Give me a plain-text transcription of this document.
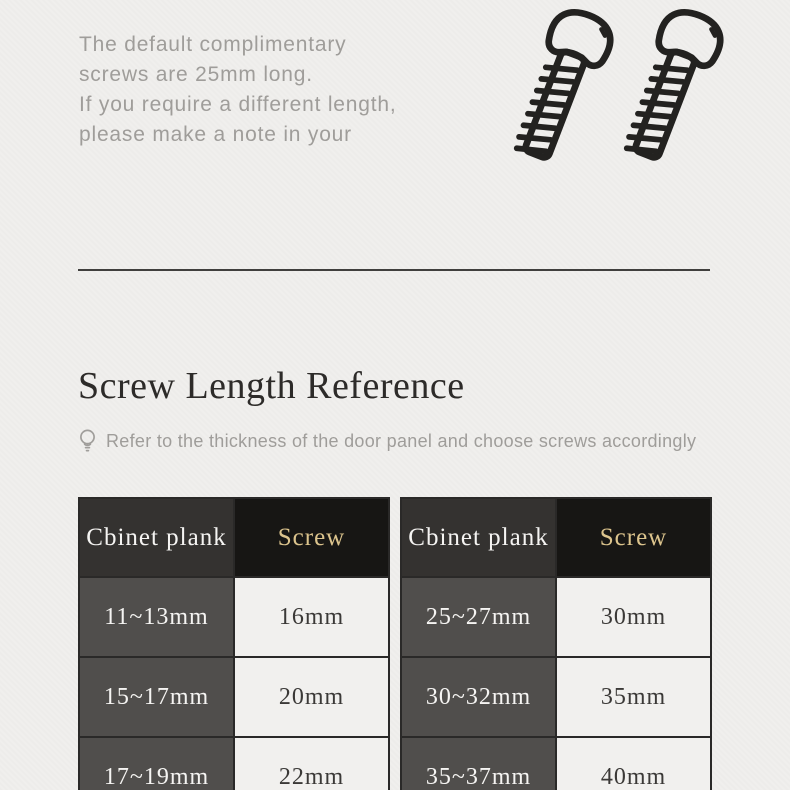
The default complimentary

screws are 25mm long.

If you require a different length,

please make a note in your

Screw Length Reference
Refer to the thickness of the door panel and choose screws accordingly
Cbinet plank	Screw
11~13mm	16mm
15~17mm	20mm
17~19mm	22mm
Cbinet plank	Screw
25~27mm	30mm
30~32mm	35mm
35~37mm	40mm
